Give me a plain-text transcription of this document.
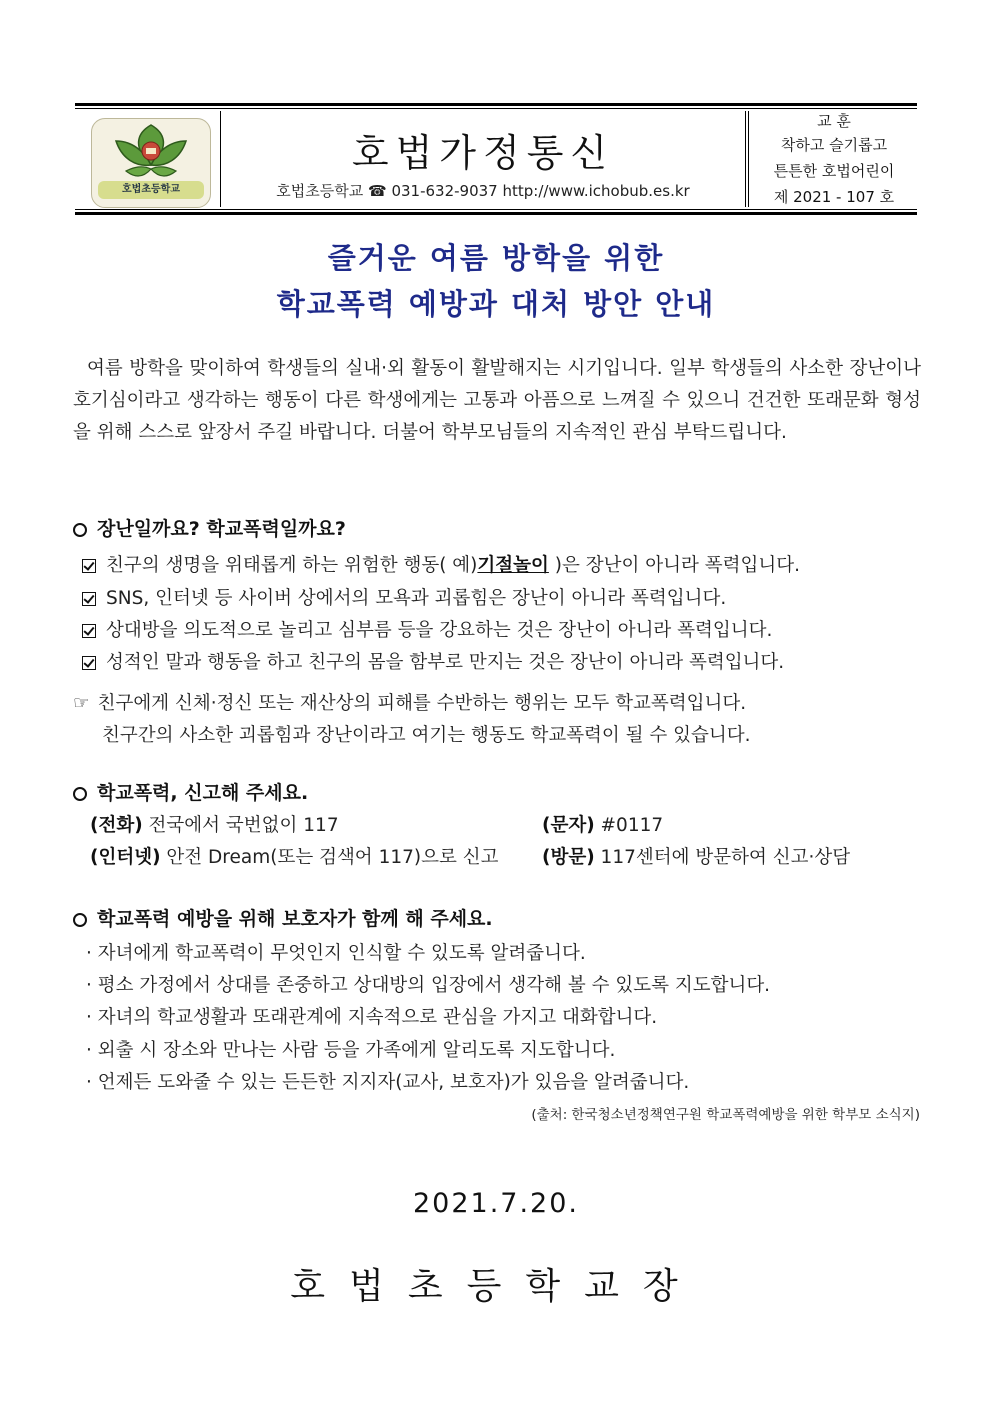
호법초등학교
호법가정통신
호법초등학교 ☎ 031-632-9037 http://www.ichobub.es.kr
교 훈
착하고 슬기롭고
튼튼한 호법어린이
제 2021 - 107 호
즐거운 여름 방학을 위한
학교폭력 예방과 대처 방안 안내

여름 방학을 맞이하여 학생들의 실내·외 활동이 활발해지는 시기입니다. 일부 학생들의 사소한 장난이나 호기심이라고 생각하는 행동이 다른 학생에게는 고통과 아픔으로 느껴질 수 있으니 건건한 또래문화 형성을 위해 스스로 앞장서 주길 바랍니다. 더불어 학부모님들의 지속적인 관심 부탁드립니다.

장난일까요? 학교폭력일까요?
친구의 생명을 위태롭게 하는 위험한 행동( 예)기절놀이 )은 장난이 아니라 폭력입니다.
SNS, 인터넷 등 사이버 상에서의 모욕과 괴롭힘은 장난이 아니라 폭력입니다.
상대방을 의도적으로 놀리고 심부름 등을 강요하는 것은 장난이 아니라 폭력입니다.
성적인 말과 행동을 하고 친구의 몸을 함부로 만지는 것은 장난이 아니라 폭력입니다.
☞ 친구에게 신체·정신 또는 재산상의 피해를 수반하는 행위는 모두 학교폭력입니다.
친구간의 사소한 괴롭힘과 장난이라고 여기는 행동도 학교폭력이 될 수 있습니다.
학교폭력, 신고해 주세요.
(전화) 전국에서 국번없이 117	(문자) #0117
(인터넷) 안전 Dream(또는 검색어 117)으로 신고 (방문) 117센터에 방문하여 신고·상담
학교폭력 예방을 위해 보호자가 함께 해 주세요.
· 자녀에게 학교폭력이 무엇인지 인식할 수 있도록 알려줍니다.
· 평소 가정에서 상대를 존중하고 상대방의 입장에서 생각해 볼 수 있도록 지도합니다.
· 자녀의 학교생활과 또래관계에 지속적으로 관심을 가지고 대화합니다.
· 외출 시 장소와 만나는 사람 등을 가족에게 알리도록 지도합니다.
· 언제든 도와줄 수 있는 든든한 지지자(교사, 보호자)가 있음을 알려줍니다.
(출처: 한국청소년정책연구원 학교폭력예방을 위한 학부모 소식지)
2021.7.20.
호법초등학교장
